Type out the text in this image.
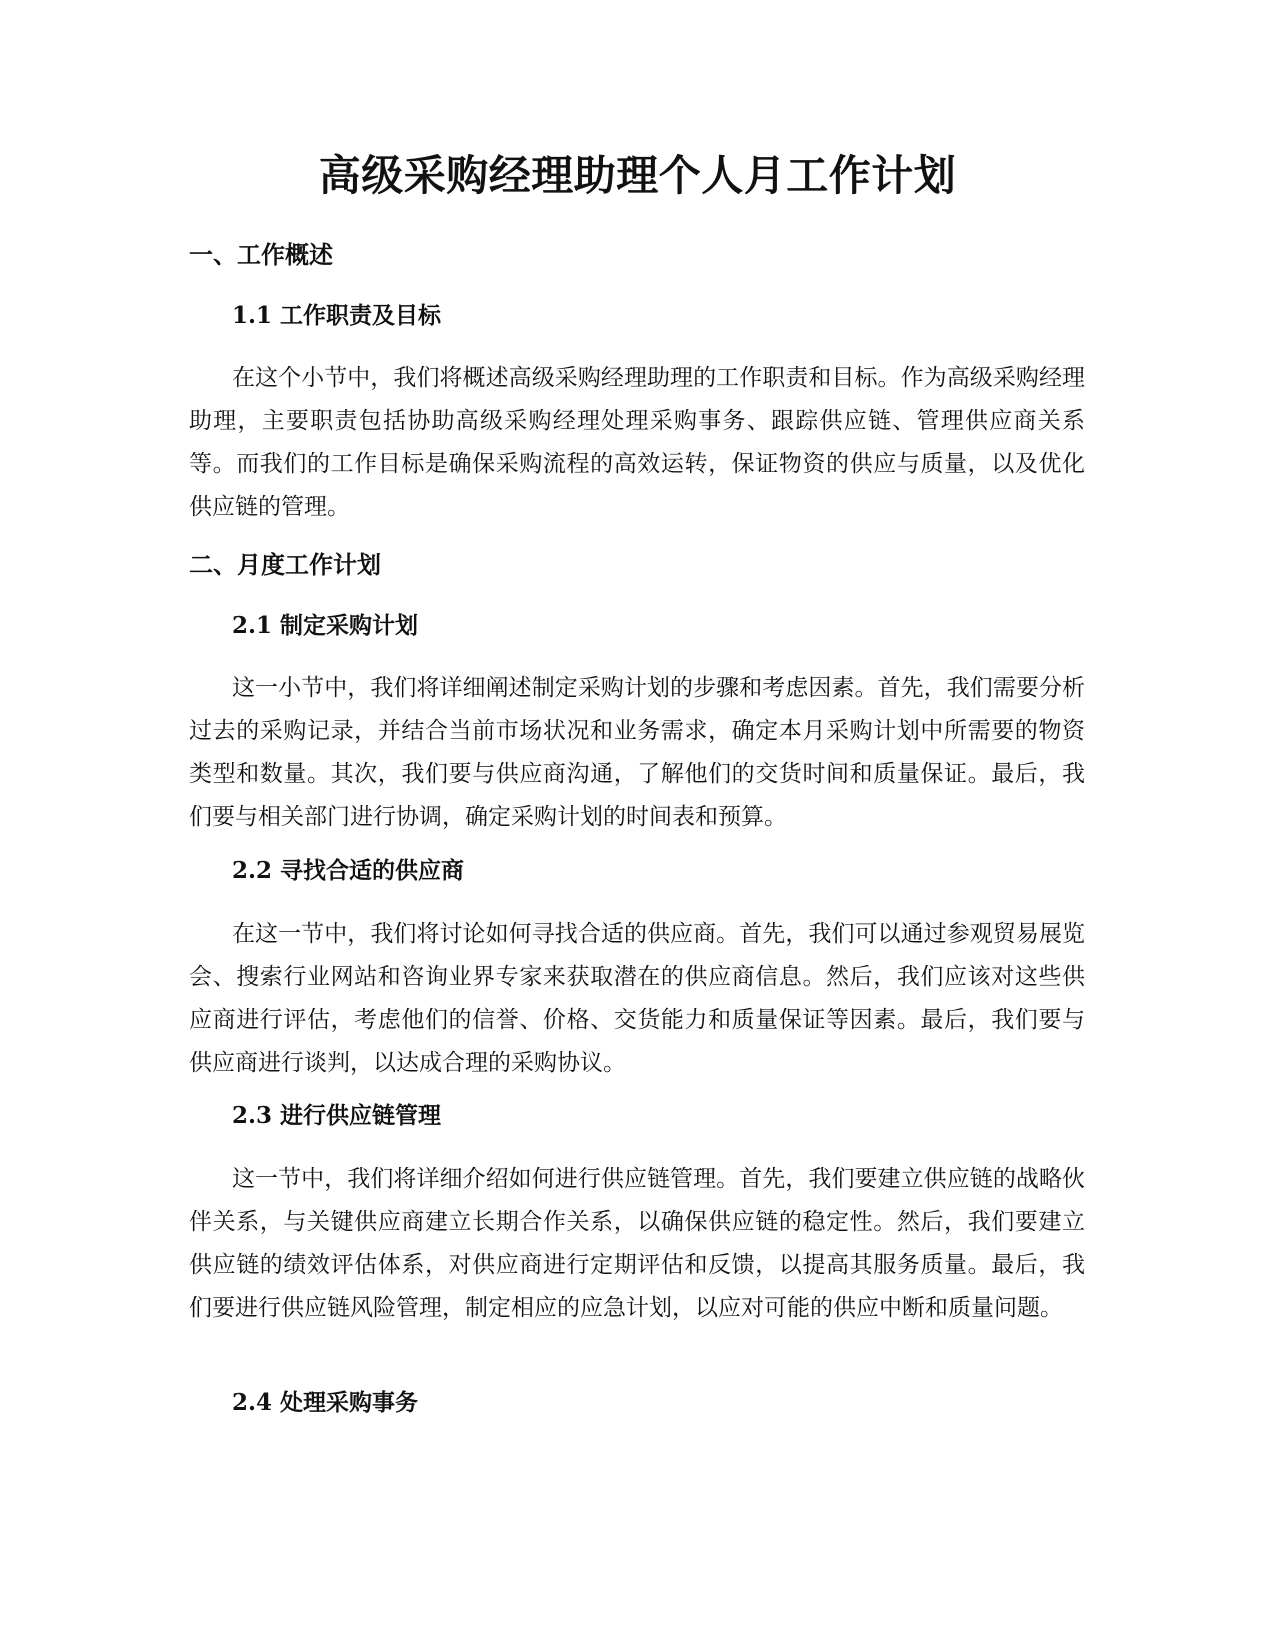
高级采购经理助理个人月工作计划
一、工作概述
1.1 工作职责及目标

在这个小节中，我们将概述高级采购经理助理的工作职责和目标。作为高级采购经理助理，主要职责包括协助高级采购经理处理采购事务、跟踪供应链、管理供应商关系等。而我们的工作目标是确保采购流程的高效运转，保证物资的供应与质量，以及优化供应链的管理。

二、月度工作计划
2.1 制定采购计划

这一小节中，我们将详细阐述制定采购计划的步骤和考虑因素。首先，我们需要分析过去的采购记录，并结合当前市场状况和业务需求，确定本月采购计划中所需要的物资类型和数量。其次，我们要与供应商沟通，了解他们的交货时间和质量保证。最后，我们要与相关部门进行协调，确定采购计划的时间表和预算。

2.2 寻找合适的供应商

在这一节中，我们将讨论如何寻找合适的供应商。首先，我们可以通过参观贸易展览会、搜索行业网站和咨询业界专家来获取潜在的供应商信息。然后，我们应该对这些供应商进行评估，考虑他们的信誉、价格、交货能力和质量保证等因素。最后，我们要与供应商进行谈判，以达成合理的采购协议。

2.3 进行供应链管理

这一节中，我们将详细介绍如何进行供应链管理。首先，我们要建立供应链的战略伙伴关系，与关键供应商建立长期合作关系，以确保供应链的稳定性。然后，我们要建立供应链的绩效评估体系，对供应商进行定期评估和反馈，以提高其服务质量。最后，我们要进行供应链风险管理，制定相应的应急计划，以应对可能的供应中断和质量问题。

2.4 处理采购事务
